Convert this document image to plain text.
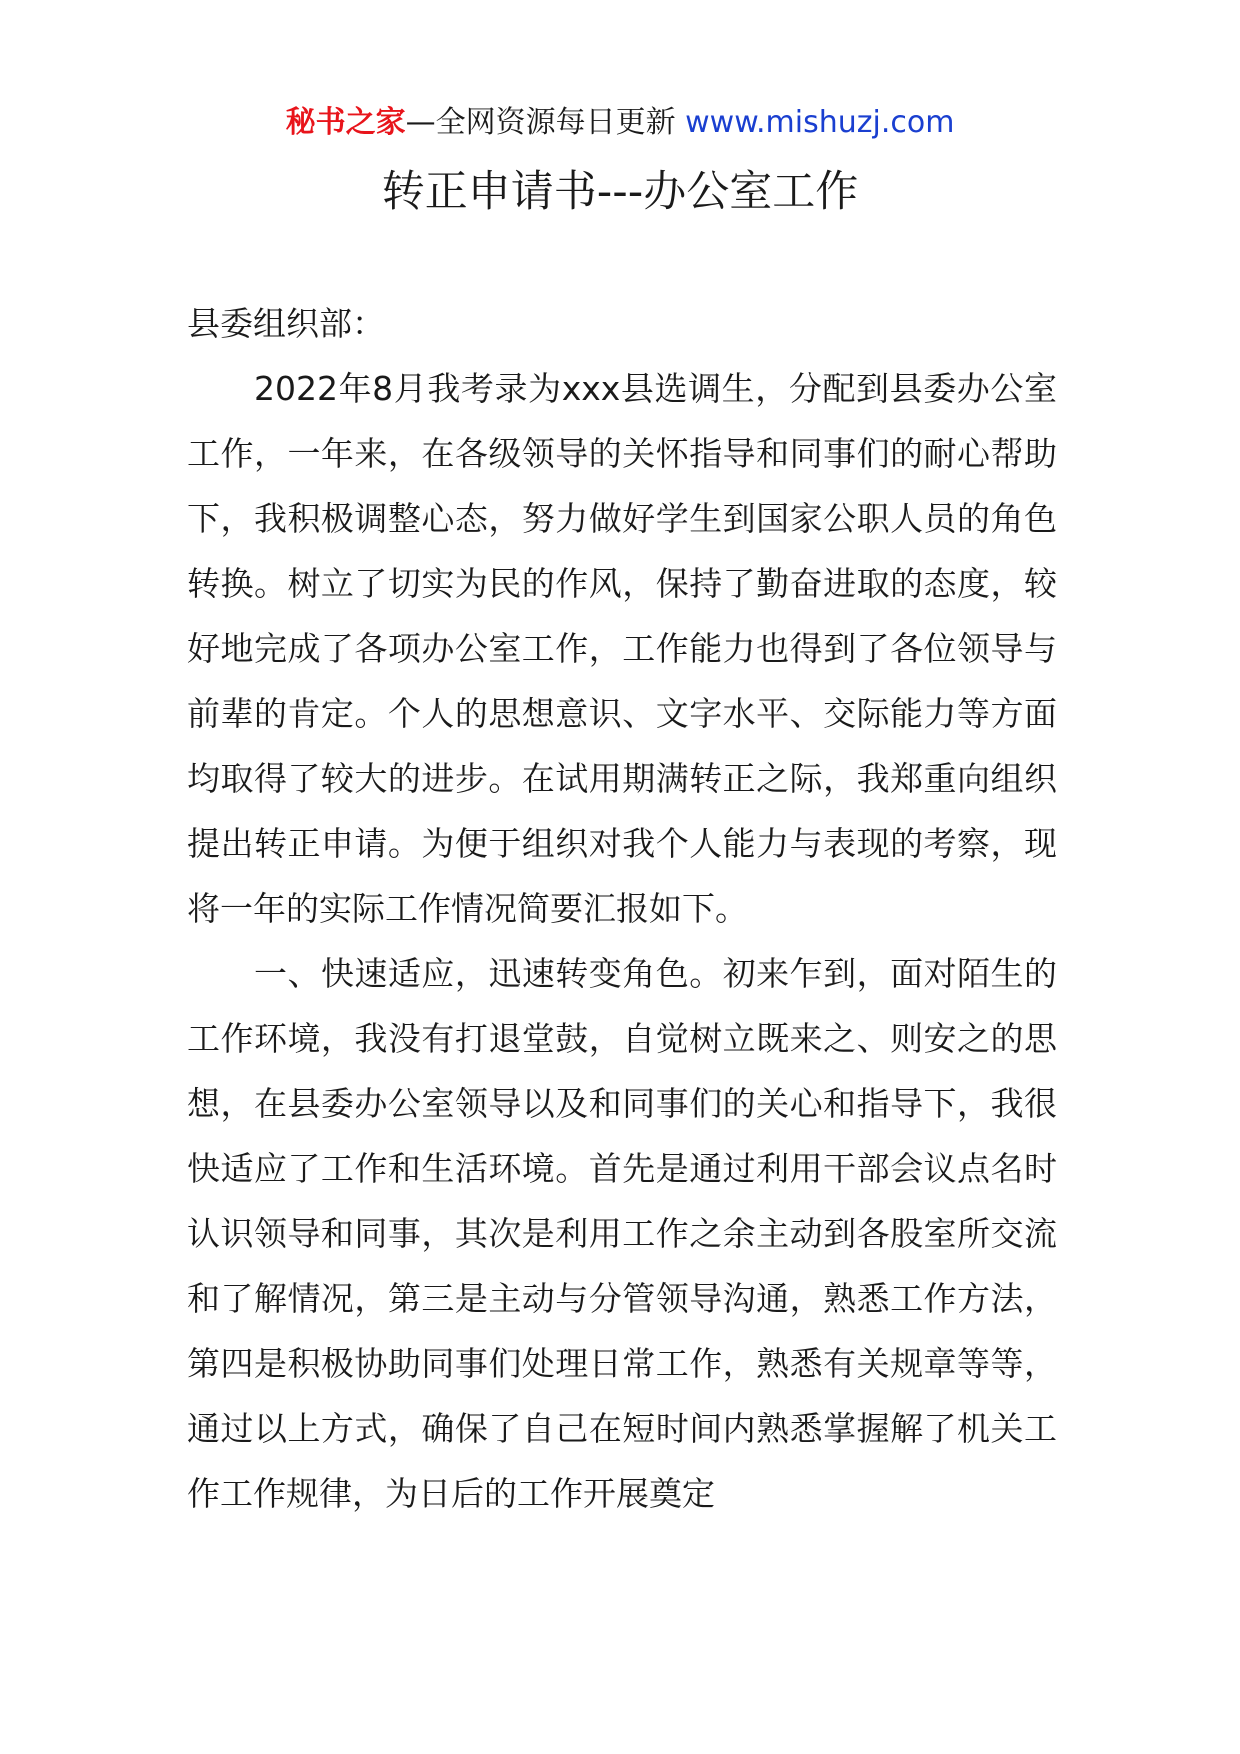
秘书之家—全网资源每日更新 www.mishuzj.com
转正申请书---办公室工作

县委组织部：

2022年8月我考录为xxx县选调生，分配到县委办公室工作，一年来，在各级领导的关怀指导和同事们的耐心帮助下，我积极调整心态，努力做好学生到国家公职人员的角色转换。树立了切实为民的作风，保持了勤奋进取的态度，较好地完成了各项办公室工作，工作能力也得到了各位领导与前辈的肯定。个人的思想意识、文字水平、交际能力等方面均取得了较大的进步。在试用期满转正之际，我郑重向组织提出转正申请。为便于组织对我个人能力与表现的考察，现将一年的实际工作情况简要汇报如下。

一、快速适应，迅速转变角色。初来乍到，面对陌生的工作环境，我没有打退堂鼓，自觉树立既来之、则安之的思想，在县委办公室领导以及和同事们的关心和指导下，我很快适应了工作和生活环境。首先是通过利用干部会议点名时认识领导和同事，其次是利用工作之余主动到各股室所交流和了解情况，第三是主动与分管领导沟通，熟悉工作方法，第四是积极协助同事们处理日常工作，熟悉有关规章等等，通过以上方式，确保了自己在短时间内熟悉掌握解了机关工作工作规律，为日后的工作开展奠定
